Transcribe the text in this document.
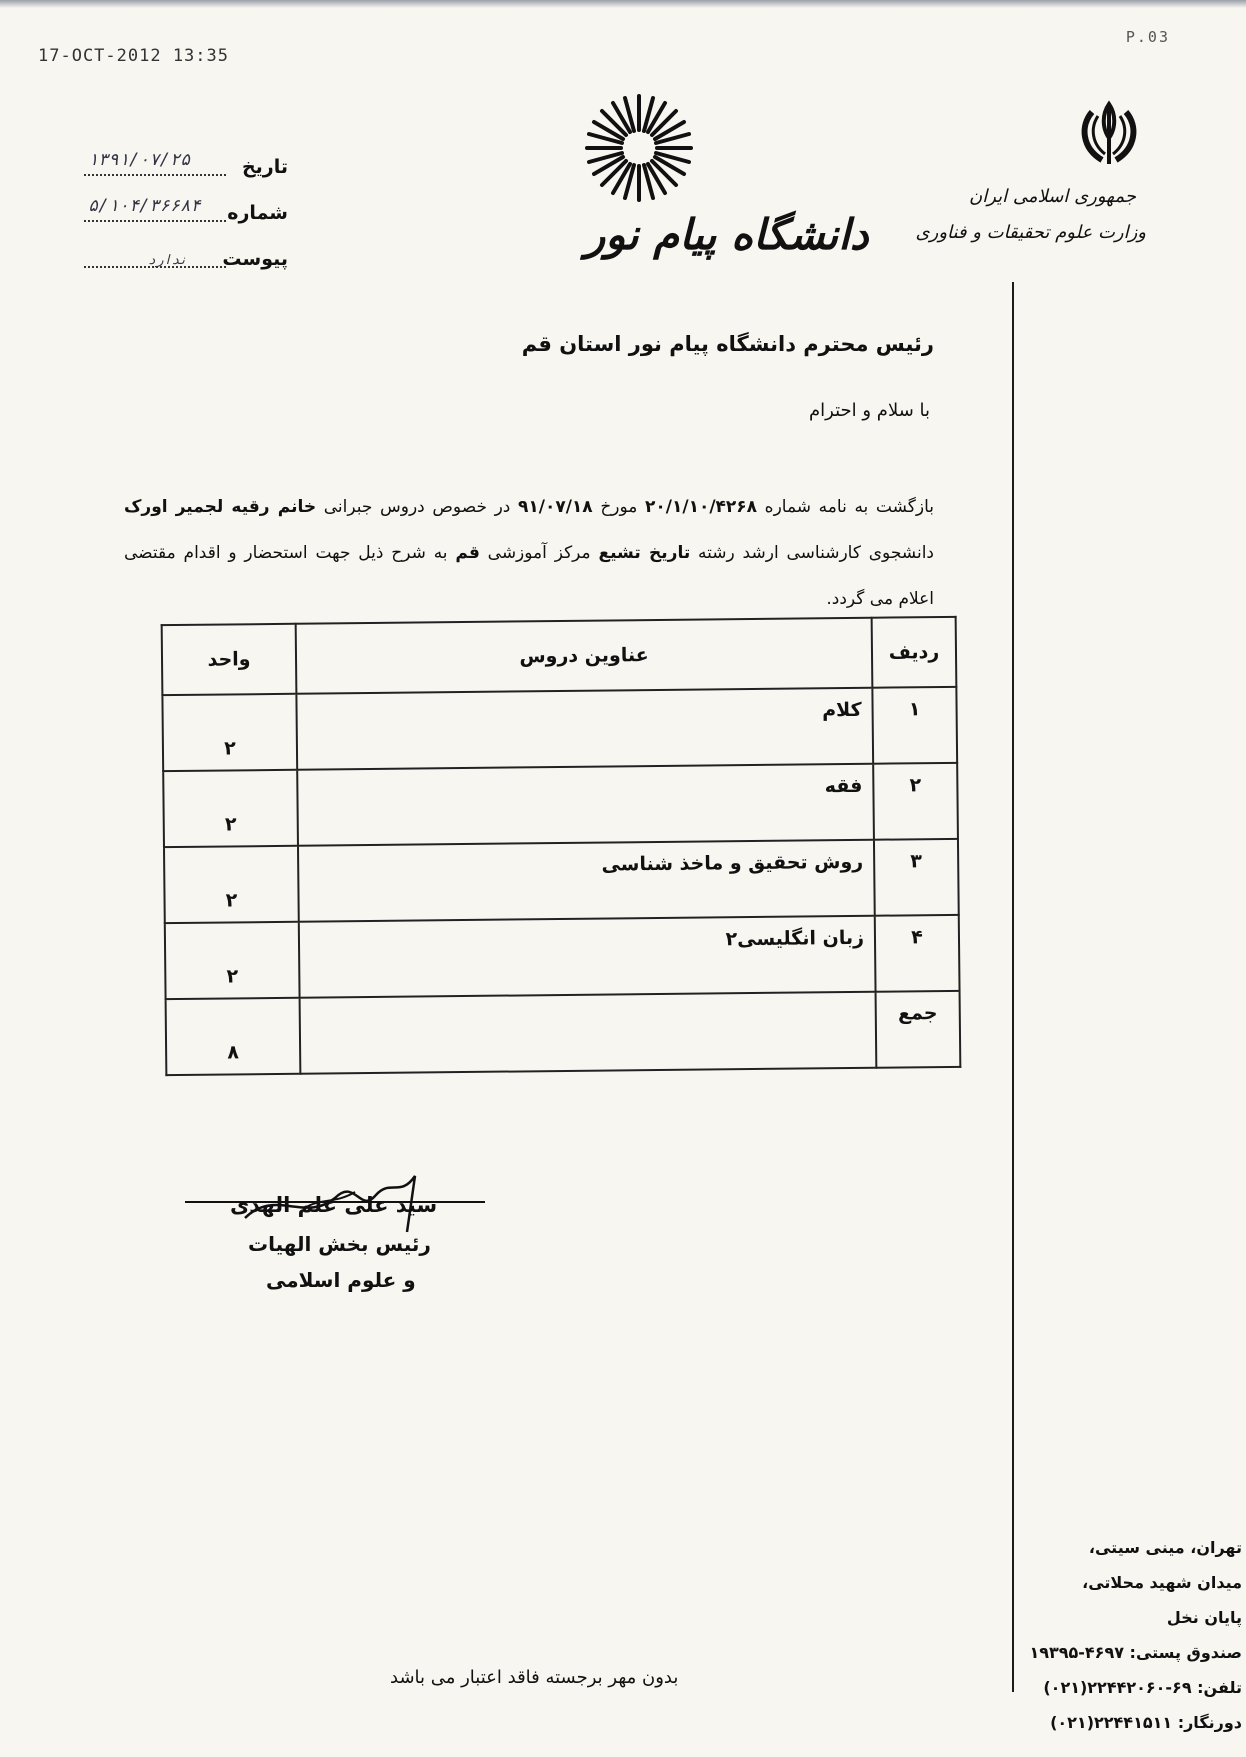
17-OCT-2012 13:35
P.03
جمهوری اسلامی ایران
وزارت علوم تحقیقات و فناوری
دانشگاه پیام نور
۱۳۹۱/۰۷/۲۵	تاریخ
۵/۱۰۴/۳۶۶۸۴ شماره
ندارد پیوست
رئیس محترم دانشگاه پیام نور استان قم
با سلام و احترام
بازگشت به نامه شماره ۲۰/۱/۱۰/۴۲۶۸ مورخ ۹۱/۰۷/۱۸ در خصوص دروس جبرانی خانم رقیه لجمیر اورک دانشجوی کارشناسی ارشد رشته تاریخ تشیع مرکز آموزشی قم به شرح ذیل جهت استحضار و اقدام مقتضی اعلام می گردد.
ردیف	عناوین دروس	واحد
۱	کلام	۲
۲	فقه	۲
۳	روش تحقیق و ماخذ شناسی	۲
۴	زبان انگلیسی۲	۲
جمع		۸
سید علی علم الهدی
رئیس بخش الهیات
و علوم اسلامی
بدون مهر برجسته فاقد اعتبار می باشد
تهران، مینی سیتی،
میدان شهید محلاتی،
پایان نخل
صندوق پستی: ۴۶۹۷-۱۹۳۹۵
تلفن: ۶۹-۲۲۴۴۲۰۶۰(۰۲۱)
دورنگار: ۲۲۴۴۱۵۱۱(۰۲۱)
